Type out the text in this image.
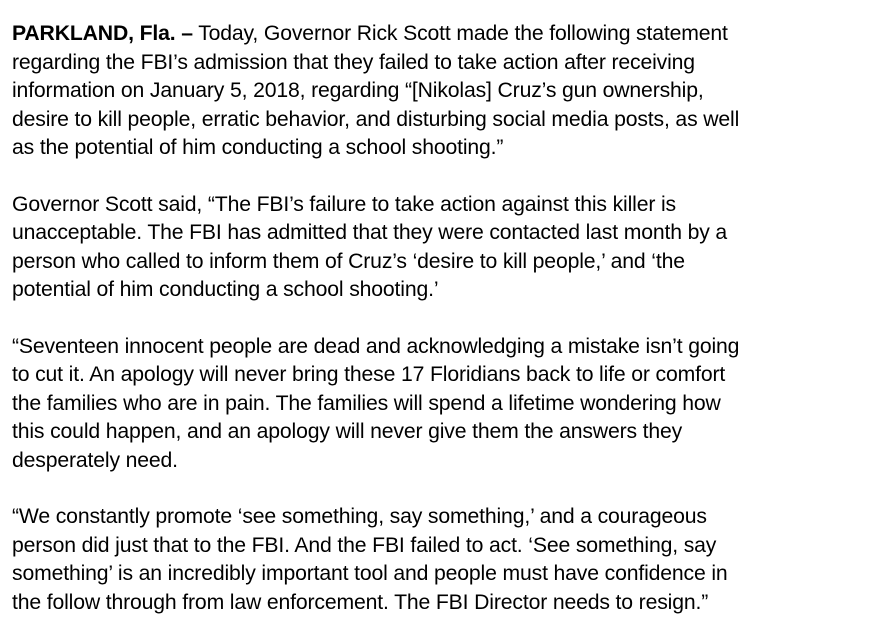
PARKLAND, Fla. – Today, Governor Rick Scott made the following statement
regarding the FBI’s admission that they failed to take action after receiving
information on January 5, 2018, regarding “[Nikolas] Cruz’s gun ownership,
desire to kill people, erratic behavior, and disturbing social media posts, as well
as the potential of him conducting a school shooting.”

Governor Scott said, “The FBI’s failure to take action against this killer is
unacceptable. The FBI has admitted that they were contacted last month by a
person who called to inform them of Cruz’s ‘desire to kill people,’ and ‘the
potential of him conducting a school shooting.’

“Seventeen innocent people are dead and acknowledging a mistake isn’t going
to cut it. An apology will never bring these 17 Floridians back to life or comfort
the families who are in pain. The families will spend a lifetime wondering how
this could happen, and an apology will never give them the answers they
desperately need.

“We constantly promote ‘see something, say something,’ and a courageous
person did just that to the FBI. And the FBI failed to act. ‘See something, say
something’ is an incredibly important tool and people must have confidence in
the follow through from law enforcement. The FBI Director needs to resign.”
